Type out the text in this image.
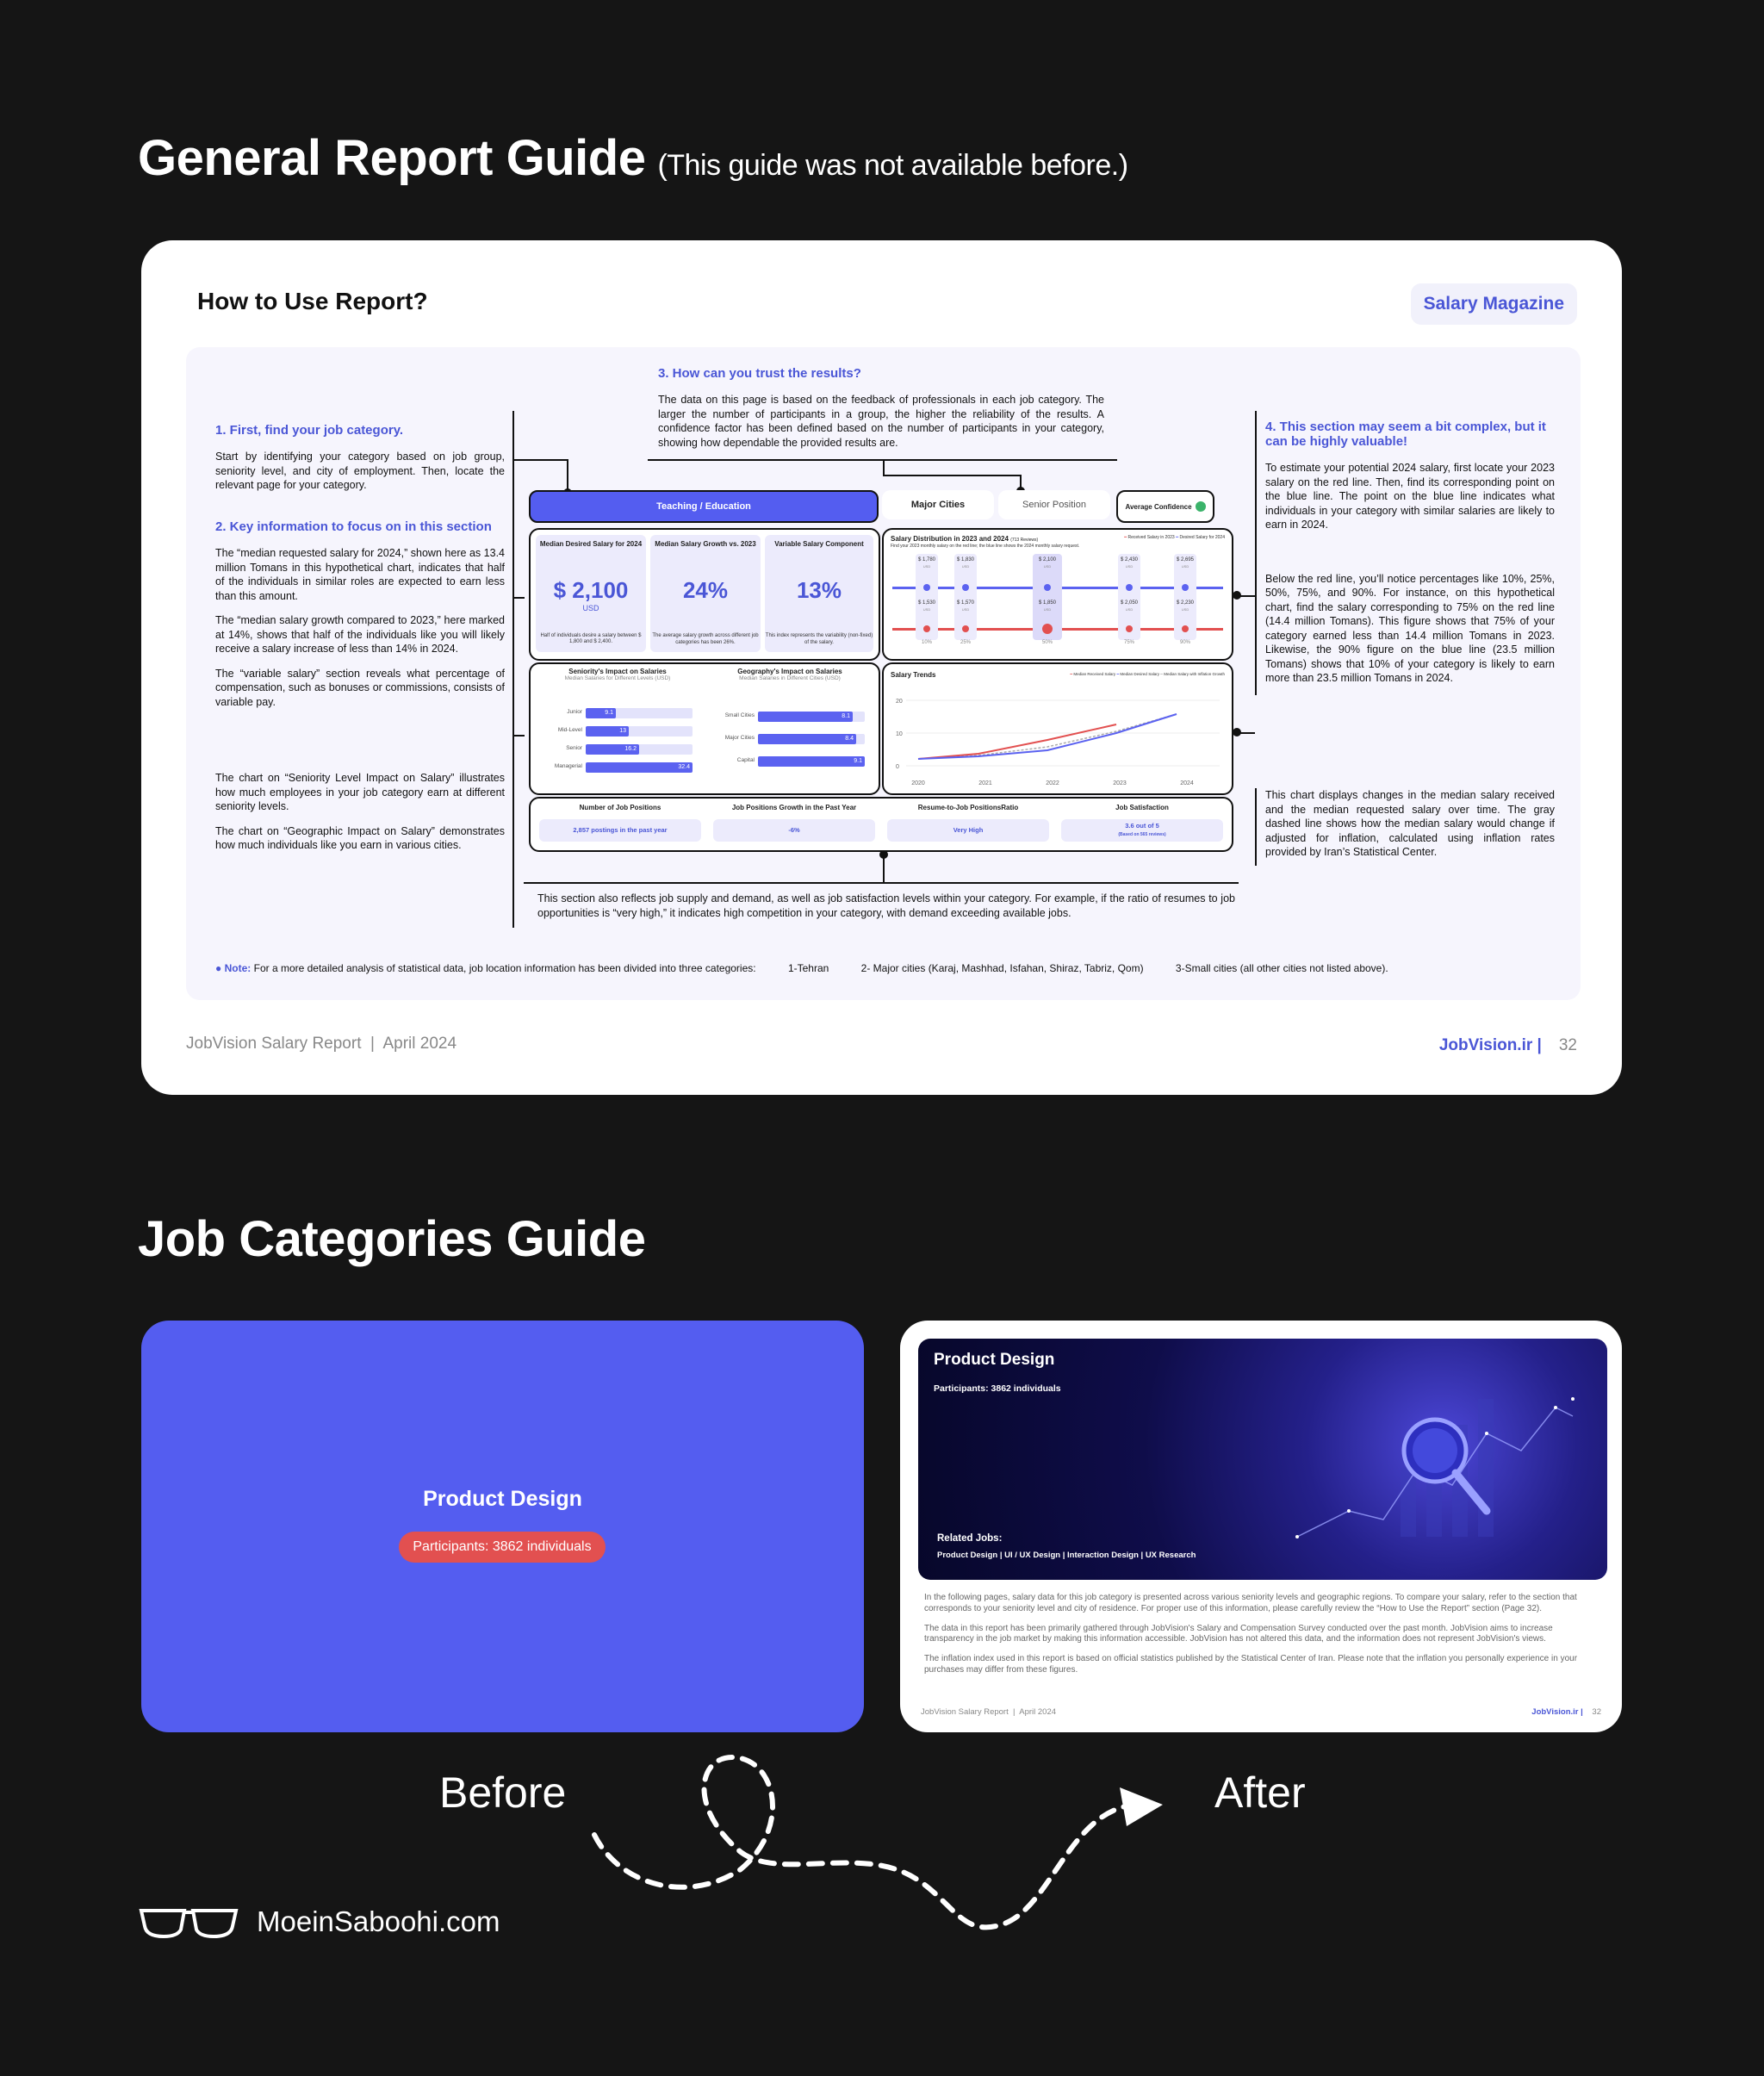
General Report Guide (This guide was not available before.)
How to Use Report?	Salary Magazine
1. First, find your job category.
Start by identifying your category based on job group, seniority level, and city of employment. Then, locate the relevant page for your category.
2. Key information to focus on in this section
The “median requested salary for 2024,” shown here as 13.4 million Tomans in this hypothetical chart, indicates that half of the individuals in similar roles are expected to earn less than this amount.
The “median salary growth compared to 2023,” here marked at 14%, shows that half of the individuals like you will likely receive a salary increase of less than 14% in 2024.
The “variable salary” section reveals what percentage of compensation, such as bonuses or commissions, consists of variable pay.
The chart on “Seniority Level Impact on Salary” illustrates how much employees in your job category earn at different seniority levels.
The chart on “Geographic Impact on Salary” demonstrates how much individuals like you earn in various cities.
3. How can you trust the results?
The data on this page is based on the feedback of professionals in each job category. The larger the number of participants in a group, the higher the reliability of the results. A confidence factor has been defined based on the number of participants in your category, showing how dependable the provided results are.
4. This section may seem a bit complex, but it can be highly valuable!
To estimate your potential 2024 salary, first locate your 2023 salary on the red line. Then, find its corresponding point on the blue line. The point on the blue line indicates what individuals in your category with similar salaries are likely to earn in 2024.
Below the red line, you’ll notice percentages like 10%, 25%, 50%, 75%, and 90%. For instance, on this hypothetical chart, find the salary corresponding to 75% on the red line (14.4 million Tomans). This figure shows that 75% of your category earned less than 14.4 million Tomans in 2023. Likewise, the 90% figure on the blue line (23.5 million Tomans) shows that 10% of your category is likely to earn more than 23.5 million Tomans in 2024.
This chart displays changes in the median salary received and the median requested salary over time. The gray dashed line shows how the median salary would change if adjusted for inflation, calculated using inflation rates provided by Iran’s Statistical Center.
This section also reflects job supply and demand, as well as job satisfaction levels within your category. For example, if the ratio of resumes to job opportunities is “very high,” it indicates high competition in your category, with demand exceeding available jobs.
Teaching / Education	Major Cities	Senior Position	Average Confidence
Median Desired Salary for 2024
$ 2,100
USD
Half of individuals desire a salary between $ 1,800 and $ 2,400.
Median Salary Growth vs. 2023
24%
The average salary growth across different job categories has been 26%.
Variable Salary Component
13%
This index represents the variability (non-fixed) of the salary.
Salary Distribution in 2023 and 2024 (713 Reviews)	━ Received Salary in 2023 ━ Desired Salary for 2024
Find your 2023 monthly salary on the red line; the blue line shows the 2024 monthly salary request.
$ 1,780
USD
$ 1,530
USD
10%
$ 1,830
USD
$ 1,570
USD
25%
$ 2,100
USD
$ 1,850
USD
50%
$ 2,430
USD
$ 2,050
USD
75%
$ 2,695
USD
$ 2,230
USD
90%
Seniority's Impact on Salaries
Median Salaries for Different Levels (USD)
Junior	9.1
Mid-Level	13
Senior	16.2
Managerial	32.4
Geography's Impact on Salaries
Median Salaries in Different Cities (USD)
Small Cities	8.1
Major Cities	8.4
Capital	9.1
Salary Trends	━ Median Received Salary ━ Median Desired Salary ┅ Median Salary with Inflation Growth
2020	2021	2022	2023	2024
20
10
0
Number of Job Positions
2,857 postings in the past year
Job Positions Growth in the Past Year
-6%
Resume-to-Job PositionsRatio
Very High
Job Satisfaction
3.6 out of 5
(Based on 565 reviews)
● Note: For a more detailed analysis of statistical data, job location information has been divided into three categories:	1-Tehran	2- Major cities (Karaj, Mashhad, Isfahan, Shiraz, Tabriz, Qom)	3-Small cities (all other cities not listed above).
JobVision Salary Report  |  April 2024	JobVision.ir | 32
Job Categories Guide
Product Design
Participants: 3862 individuals
Product Design
Participants: 3862 individuals
Related Jobs:
Product Design | UI / UX Design | Interaction Design | UX Research
In the following pages, salary data for this job category is presented across various seniority levels and geographic regions. To compare your salary, refer to the section that corresponds to your seniority level and city of residence. For proper use of this information, please carefully review the “How to Use the Report” section (Page 32).
The data in this report has been primarily gathered through JobVision's Salary and Compensation Survey conducted over the past month. JobVision aims to increase transparency in the job market by making this information accessible. JobVision has not altered this data, and the information does not represent JobVision's views.
The inflation index used in this report is based on official statistics published by the Statistical Center of Iran. Please note that the inflation you personally experience in your purchases may differ from these figures.
JobVision Salary Report  |  April 2024	JobVision.ir | 32
Before	After
MoeinSaboohi.com
